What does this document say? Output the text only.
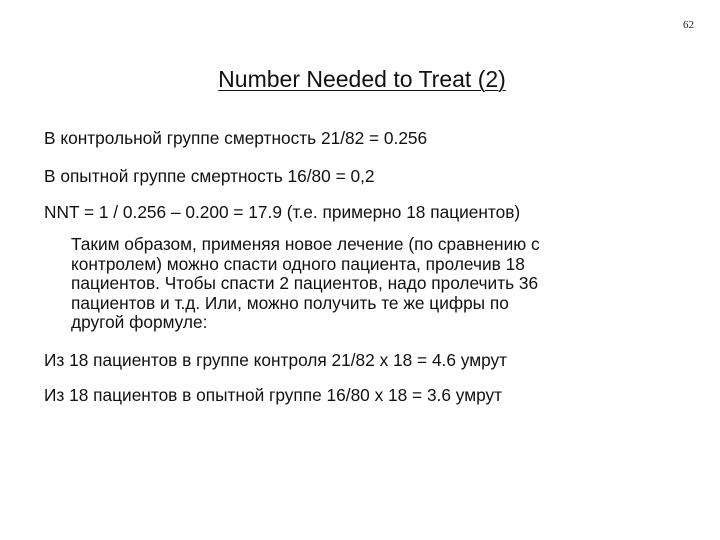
62
Number Needed to Treat (2)
В контрольной группе смертность 21/82 = 0.256
В опытной группе смертность 16/80 = 0,2
NNT = 1 / 0.256 – 0.200 = 17.9 (т.е. примерно 18 пациентов)
Таким образом, применяя новое лечение (по сравнению с
контролем) можно спасти одного пациента, пролечив 18
пациентов. Чтобы спасти 2 пациентов, надо пролечить 36
пациентов и т.д. Или, можно получить те же цифры по
другой формуле:
Из 18 пациентов в группе контроля 21/82 х 18 = 4.6 умрут
Из 18 пациентов в опытной группе 16/80 х 18 = 3.6 умрут
